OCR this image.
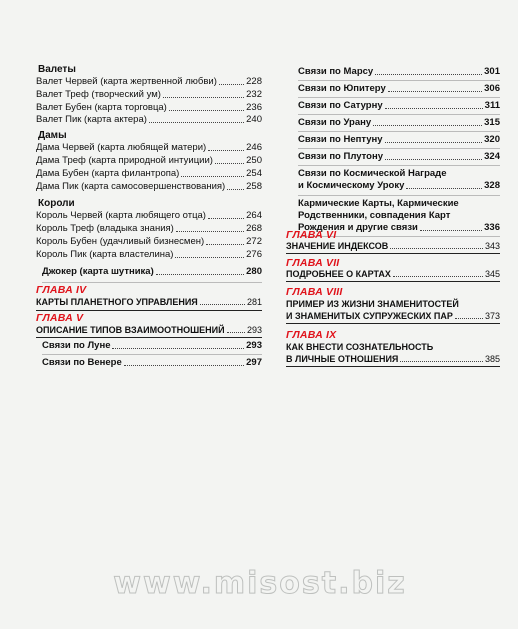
Валеты
Валет Червей (карта жертвенной любви)	228
Валет Треф (творческий ум)	232
Валет Бубен (карта торговца)	236
Валет Пик (карта актера)	240
Дамы
Дама Червей (карта любящей матери)	246
Дама Треф (карта природной интуиции)	250
Дама Бубен (карта филантропа)	254
Дама Пик (карта самосовершенствования) 258
Короли
Король Червей (карта любящего отца)	264
Король Треф (владыка знания)	268
Король Бубен (удачливый бизнесмен)	272
Король Пик (карта властелина)	276
Джокер (карта шутника)	280
ГЛАВА IV
КАРТЫ ПЛАНЕТНОГО УПРАВЛЕНИЯ	281
ГЛАВА V
ОПИСАНИЕ ТИПОВ ВЗАИМООТНОШЕНИЙ 293
Связи по Луне	293
Связи по Венере	297
Связи по Марсу	301
Связи по Юпитеру	306
Связи по Сатурну	311
Связи по Урану	315
Связи по Нептуну	320
Связи по Плутону	324
Связи по Космической Награде
и Космическому Уроку	328
Кармические Карты, Кармические
Родственники, совпадения Карт
Рождения и другие связи	336
ГЛАВА VI
ЗНАЧЕНИЕ ИНДЕКСОВ	343
ГЛАВА VII
ПОДРОБНЕЕ О КАРТАХ	345
ГЛАВА VIII
ПРИМЕР ИЗ ЖИЗНИ ЗНАМЕНИТОСТЕЙ
И ЗНАМЕНИТЫХ СУПРУЖЕСКИХ ПАР	373
ГЛАВА IX
КАК ВНЕСТИ СОЗНАТЕЛЬНОСТЬ
В ЛИЧНЫЕ ОТНОШЕНИЯ	385
www.misost.biz
